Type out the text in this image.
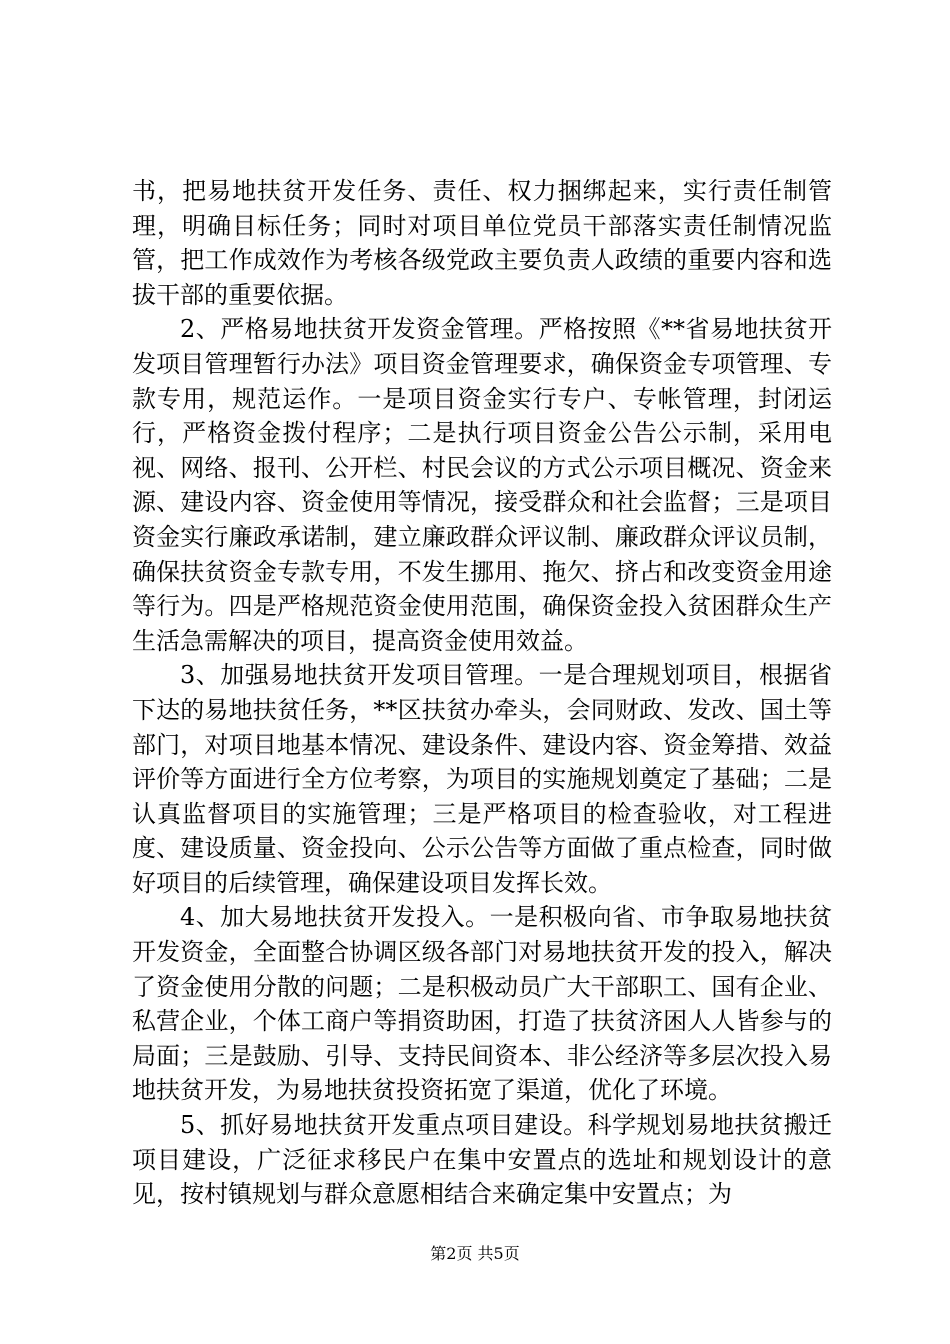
书，把易地扶贫开发任务、责任、权力捆绑起来，实行责任制管理，明确目标任务；同时对项目单位党员干部落实责任制情况监管，把工作成效作为考核各级党政主要负责人政绩的重要内容和选拔干部的重要依据。

2、严格易地扶贫开发资金管理。严格按照《**省易地扶贫开发项目管理暂行办法》项目资金管理要求，确保资金专项管理、专款专用，规范运作。一是项目资金实行专户、专帐管理，封闭运行，严格资金拨付程序；二是执行项目资金公告公示制，采用电视、网络、报刊、公开栏、村民会议的方式公示项目概况、资金来源、建设内容、资金使用等情况，接受群众和社会监督；三是项目资金实行廉政承诺制，建立廉政群众评议制、廉政群众评议员制，确保扶贫资金专款专用，不发生挪用、拖欠、挤占和改变资金用途等行为。四是严格规范资金使用范围，确保资金投入贫困群众生产生活急需解决的项目，提高资金使用效益。

3、加强易地扶贫开发项目管理。一是合理规划项目，根据省下达的易地扶贫任务，**区扶贫办牵头，会同财政、发改、国土等部门，对项目地基本情况、建设条件、建设内容、资金筹措、效益评价等方面进行全方位考察，为项目的实施规划奠定了基础；二是认真监督项目的实施管理；三是严格项目的检查验收，对工程进度、建设质量、资金投向、公示公告等方面做了重点检查，同时做好项目的后续管理，确保建设项目发挥长效。

4、加大易地扶贫开发投入。一是积极向省、市争取易地扶贫开发资金，全面整合协调区级各部门对易地扶贫开发的投入，解决了资金使用分散的问题；二是积极动员广大干部职工、国有企业、私营企业，个体工商户等捐资助困，打造了扶贫济困人人皆参与的局面；三是鼓励、引导、支持民间资本、非公经济等多层次投入易地扶贫开发，为易地扶贫投资拓宽了渠道，优化了环境。

5、抓好易地扶贫开发重点项目建设。科学规划易地扶贫搬迁项目建设，广泛征求移民户在集中安置点的选址和规划设计的意见，按村镇规划与群众意愿相结合来确定集中安置点；为

第2页 共5页
